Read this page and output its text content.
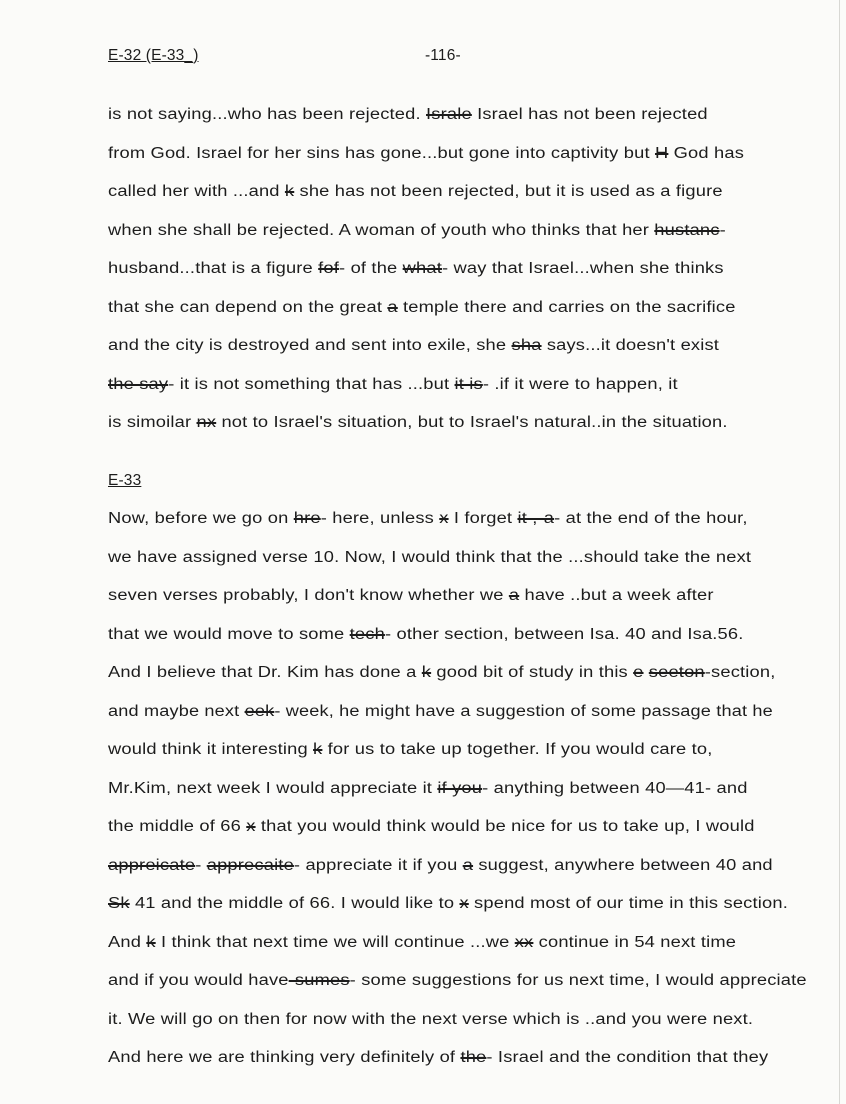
E-32 (E-33_)	-116-
is not saying...who has been rejected. Israle Israel has not been rejected
from God. Israel for her sins has gone...but gone into captivity but H God has
called her with ...and k she has not been rejected, but it is used as a figure
when she shall be rejected. A woman of youth who thinks that her hustanc-
husband...that is a figure fof- of the what- way that Israel...when she thinks
that she can depend on the great a temple there and carries on the sacrifice
and the city is destroyed and sent into exile, she sha says...it doesn't exist
the say- it is not something that has ...but it is- .if it were to happen, it
is simoilar nx not to Israel's situation, but to Israel's natural..in the situation.
E-33
Now, before we go on hre- here, unless x I forget it ,-a- at the end of the hour,
we have assigned verse 10. Now, I would think that the ...should take the next
seven verses probably, I don't know whether we a have ..but a week after
that we would move to some tech- other section, between Isa. 40 and Isa.56.
And I believe that Dr. Kim has done a k good bit of study in this e seeton-section,
and maybe next eek- week, he might have a suggestion of some passage that he
would think it interesting k for us to take up together. If you would care to,
Mr.Kim, next week I would appreciate it if you- anything between 40—41- and
the middle of 66 x that you would think would be nice for us to take up, I would
appreicate- apprecaite- appreciate it if you a suggest, anywhere between 40 and
Sk 41 and the middle of 66. I would like to x spend most of our time in this section.
And k I think that next time we will continue ...we xx continue in 54 next time
and if you would have-sumes- some suggestions for us next time, I would appreciate
it. We will go on then for now with the next verse which is ..and you were next.
And here we are thinking very definitely of the- Israel and the condition that they
